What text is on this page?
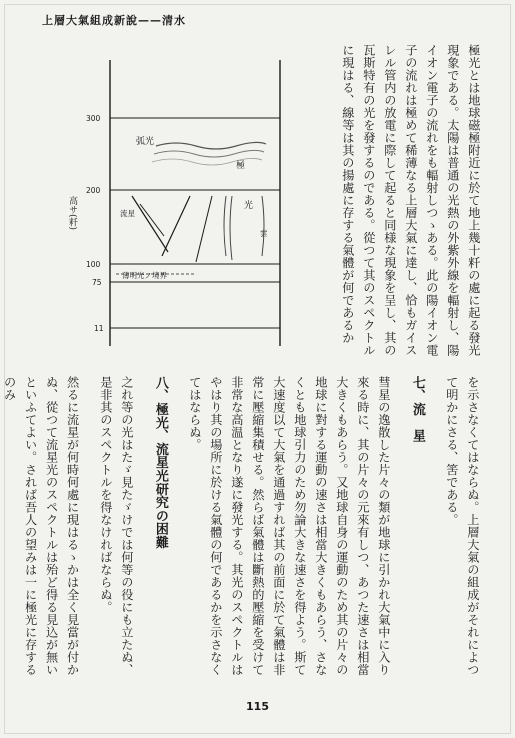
上層大氣組成新說——清水
300
200
100
75
11
高サ(粁)
弧光
極
光
流星
雲
薄明光ノ境界	極光とは地球磁極附近に於て地上幾十粁の處に起る發光現象である。太陽は普通の光熱の外紫外線を輻射し、陽イオン電子の流れをも輻射しつゝある。此の陽イオン電子の流れは極めて稀薄なる上層大氣に達し、恰もガイスレル管内の放電に際して起ると同様な現象を呈し、其の瓦斯特有の光を發するのである。從つて其のスペクトルに現はる、線等は其の揚處に存する氣體が何であるか

を示さなくてはならぬ。上層大氣の組成がそれによつて明かにさる、筈である。

七、流　星

彗星の逸散した片々の類が地球に引かれ大氣中に入り來る時に、其の片々の元來有しつ、あつた速さは相當大きくもあらう。又地球自身の運動のため其の片々の地球に對する運動の速さは相當大きくもあらう、さなくとも地球引力のため勿論大きな速さを得よう。斯て大速度以て大氣を通過すれば其の前面に於て氣體は非常に壓縮集積せる。然らば氣體は斷熱的壓縮を受けて非常な高温となり遂に發光する。其光のスペクトルはやはり其の場所に於ける氣體の何であるかを示さなくてはならぬ。

八、極光、流星光研究の困難

之れ等の光はたゞ見たゞけでは何等の役にも立たぬ、是非其のスペクトルを得なければならぬ。

然るに流星が何時何處に現はるゝかは全く見當が付かぬ、從つて流星光のスペクトルは殆ど得る見込が無いといふてよい。されば吾人の望みは一に極光に存するのみ

115
